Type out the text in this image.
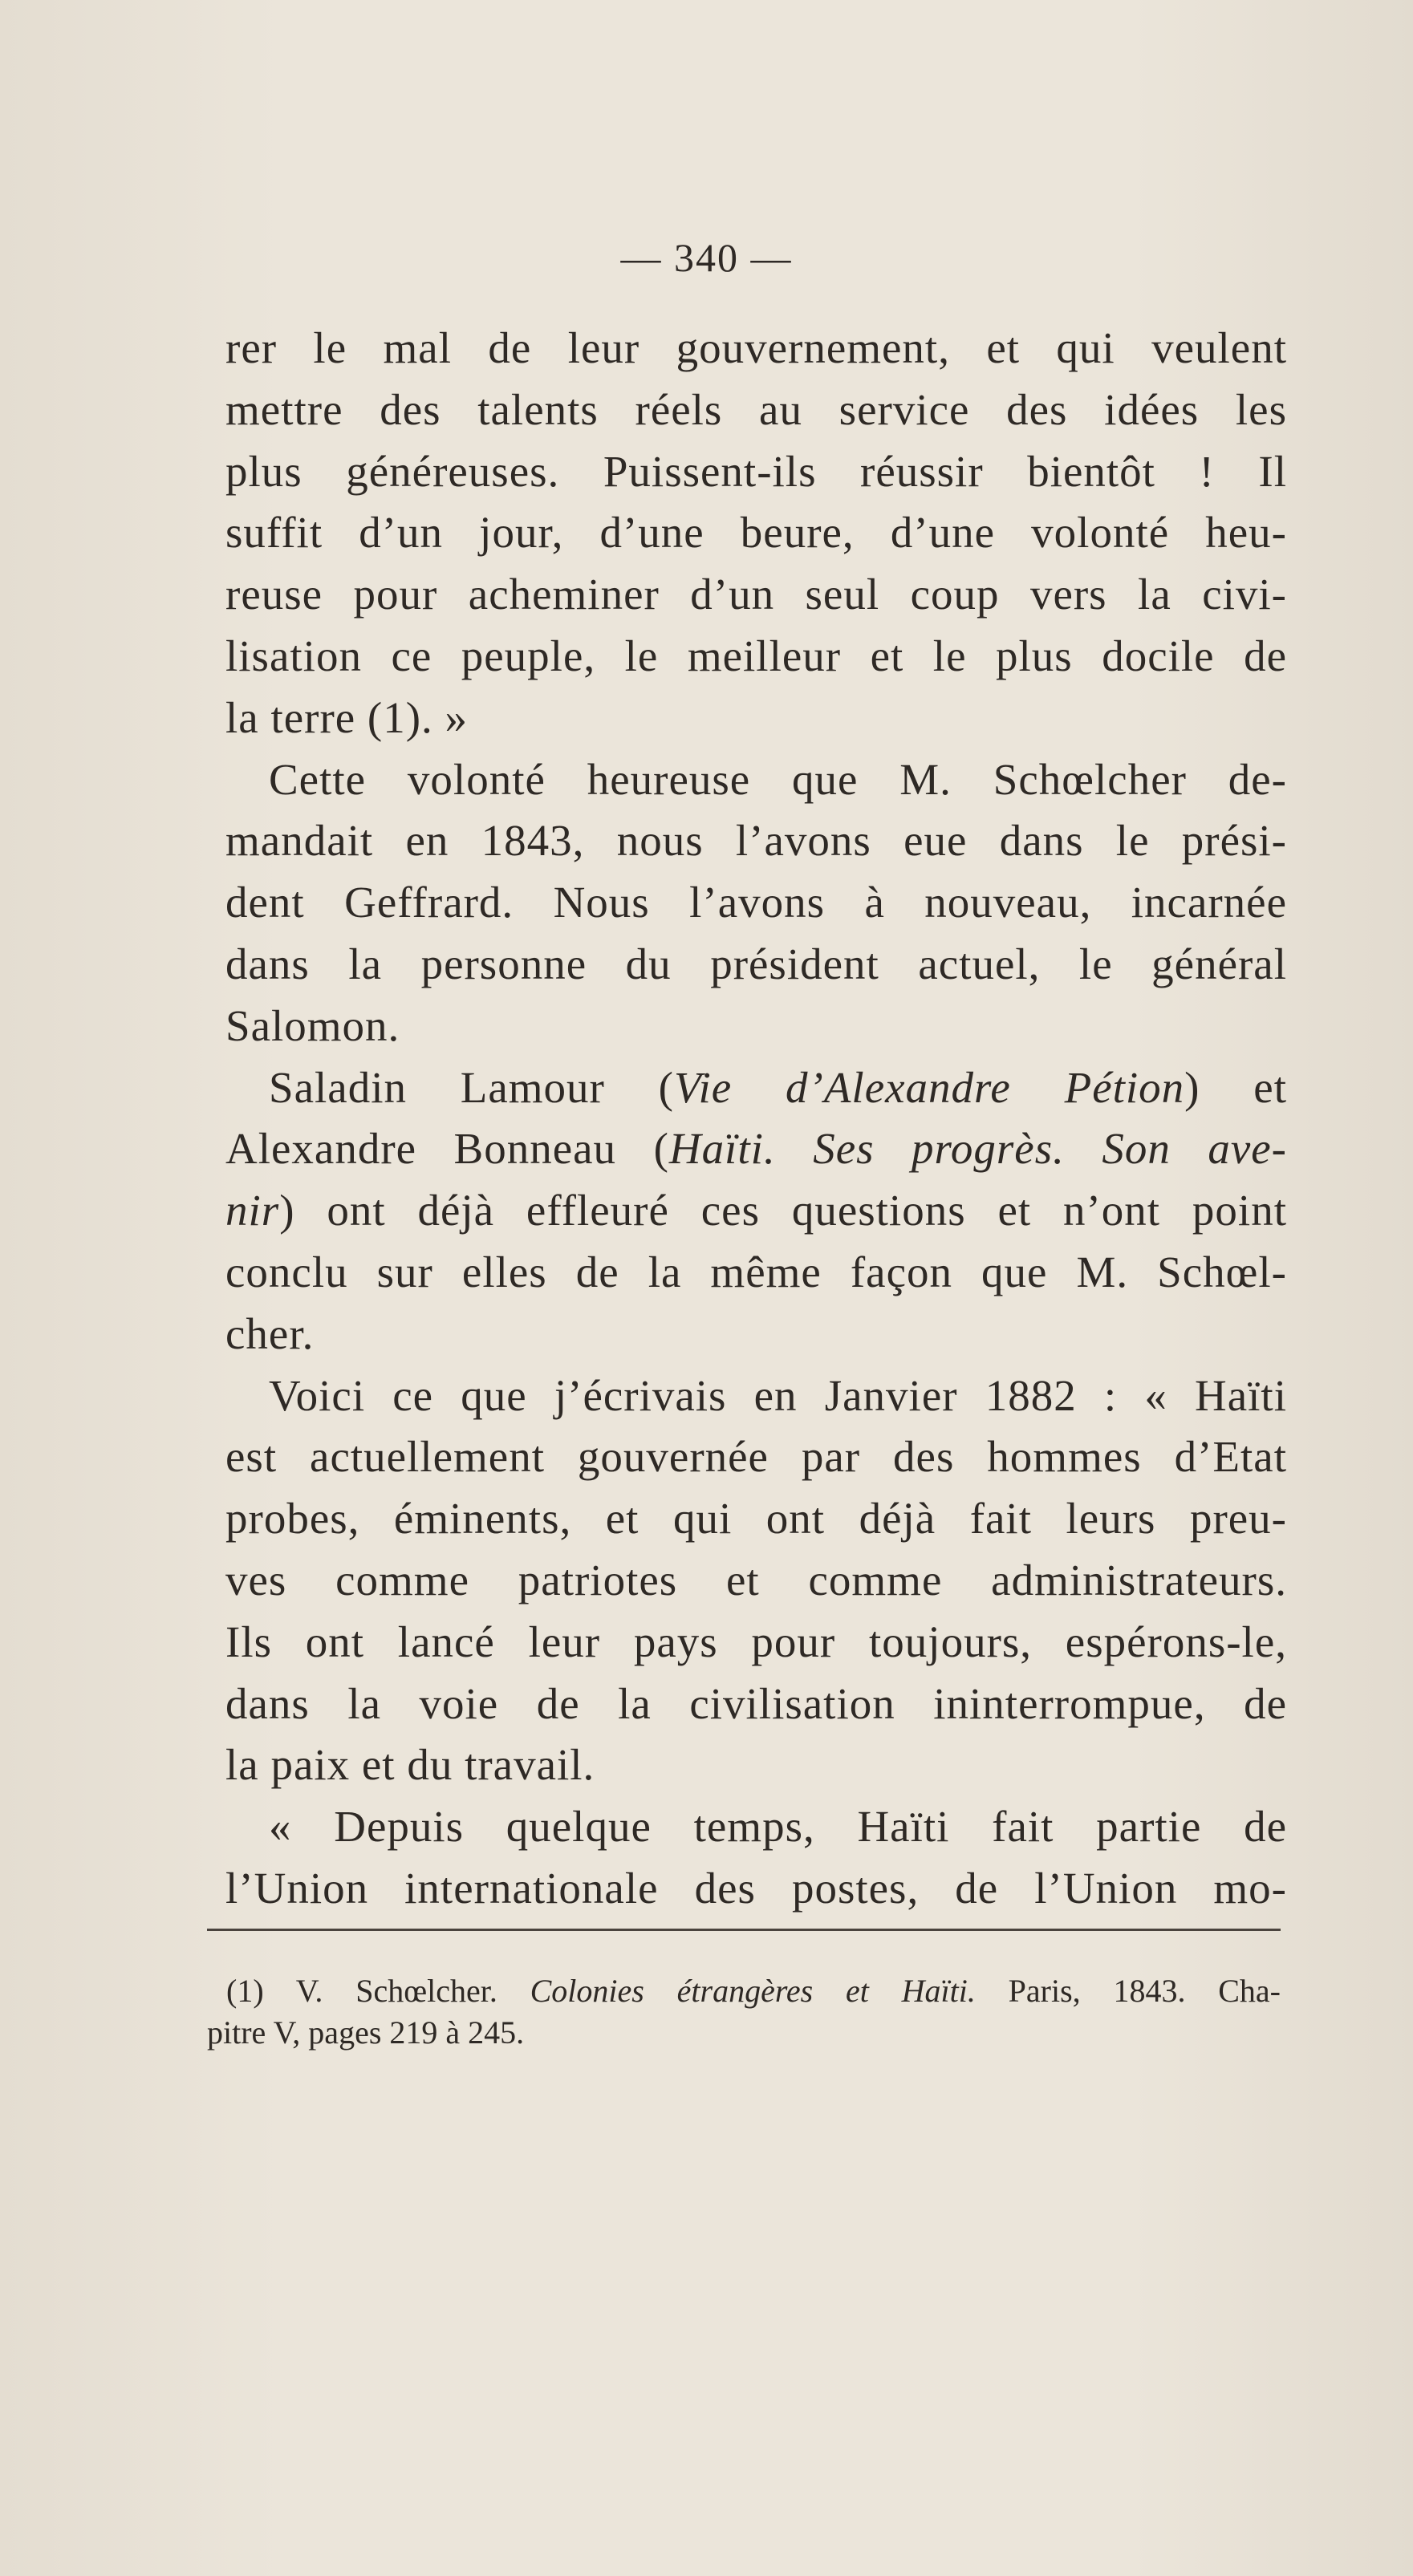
— 340 —
rer le mal de leur gouvernement, et qui veulent
mettre des talents réels au service des idées les
plus généreuses. Puissent-ils réussir bientôt ! Il
suffit d’un jour, d’une beure, d’une volonté heu-
reuse pour acheminer d’un seul coup vers la civi-
lisation ce peuple, le meilleur et le plus docile de
la terre (1). »
Cette volonté heureuse que M. Schœlcher de-
mandait en 1843, nous l’avons eue dans le prési-
dent Geffrard. Nous l’avons à nouveau, incarnée
dans la personne du président actuel, le général
Salomon.
Saladin Lamour (Vie d’Alexandre Pétion) et
Alexandre Bonneau (Haïti. Ses progrès. Son ave-
nir) ont déjà effleuré ces questions et n’ont point
conclu sur elles de la même façon que M. Schœl-
cher.
Voici ce que j’écrivais en Janvier 1882 : « Haïti
est actuellement gouvernée par des hommes d’Etat
probes, éminents, et qui ont déjà fait leurs preu-
ves comme patriotes et comme administrateurs.
Ils ont lancé leur pays pour toujours, espérons-le,
dans la voie de la civilisation ininterrompue, de
la paix et du travail.
« Depuis quelque temps, Haïti fait partie de
l’Union internationale des postes, de l’Union mo-
(1) V. Schœlcher. Colonies étrangères et Haïti. Paris, 1843. Cha-
pitre V, pages 219 à 245.
